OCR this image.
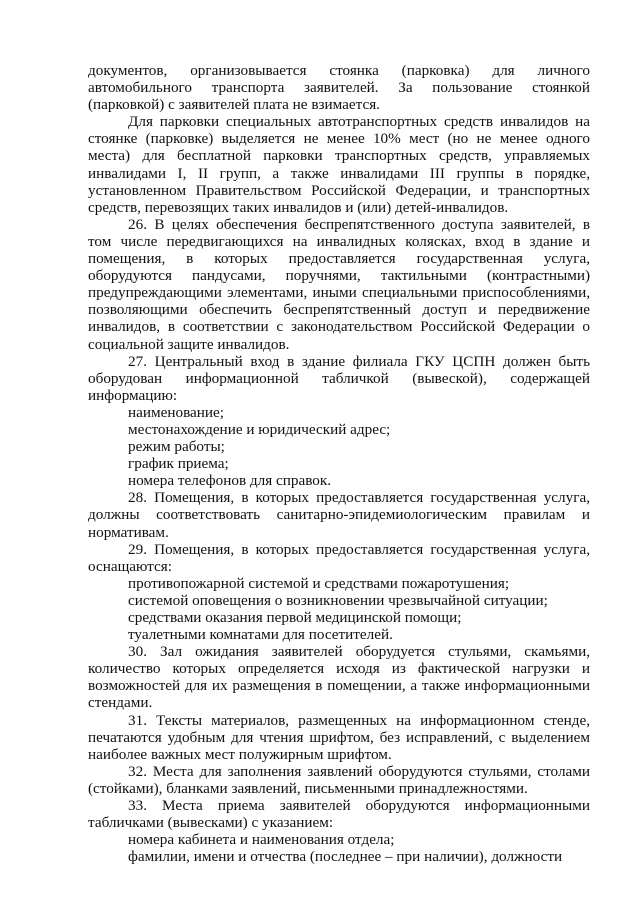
документов, организовывается стоянка (парковка) для личного автомобильного транспорта заявителей. За пользование стоянкой (парковкой) с заявителей плата не взимается.

Для парковки специальных автотранспортных средств инвалидов на стоянке (парковке) выделяется не менее 10% мест (но не менее одного места) для бесплатной парковки транспортных средств, управляемых инвалидами I, II групп, а также инвалидами III группы в порядке, установленном Правительством Российской Федерации, и транспортных средств, перевозящих таких инвалидов и (или) детей-инвалидов.

26. В целях обеспечения беспрепятственного доступа заявителей, в том числе передвигающихся на инвалидных колясках, вход в здание и помещения, в которых предоставляется государственная услуга, оборудуются пандусами, поручнями, тактильными (контрастными) предупреждающими элементами, иными специальными приспособлениями, позволяющими обеспечить беспрепятственный доступ и передвижение инвалидов, в соответствии с законодательством Российской Федерации о социальной защите инвалидов.

27. Центральный вход в здание филиала ГКУ ЦСПН должен быть оборудован информационной табличкой (вывеской), содержащей информацию:

наименование;

местонахождение и юридический адрес;

режим работы;

график приема;

номера телефонов для справок.

28. Помещения, в которых предоставляется государственная услуга, должны соответствовать санитарно-эпидемиологическим правилам и нормативам.

29. Помещения, в которых предоставляется государственная услуга, оснащаются:

противопожарной системой и средствами пожаротушения;

системой оповещения о возникновении чрезвычайной ситуации;

средствами оказания первой медицинской помощи;

туалетными комнатами для посетителей.

30. Зал ожидания заявителей оборудуется стульями, скамьями, количество которых определяется исходя из фактической нагрузки и возможностей для их размещения в помещении, а также информационными стендами.

31. Тексты материалов, размещенных на информационном стенде, печатаются удобным для чтения шрифтом, без исправлений, с выделением наиболее важных мест полужирным шрифтом.

32. Места для заполнения заявлений оборудуются стульями, столами (стойками), бланками заявлений, письменными принадлежностями.

33. Места приема заявителей оборудуются информационными табличками (вывесками) с указанием:

номера кабинета и наименования отдела;

фамилии, имени и отчества (последнее – при наличии), должности
